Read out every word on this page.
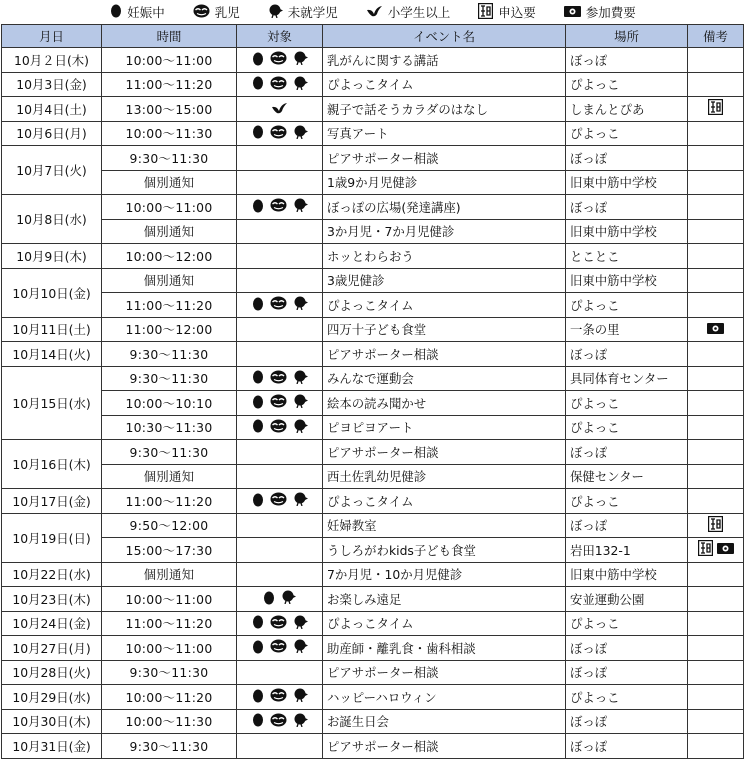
妊娠中	乳児	未就学児	小学生以上	申込要	参加費要
月日	時間	対象	イベント名	場所	備考
10月２日(木)	10:00～11:00		乳がんに関する講話	ぼっぽ	
10月3日(金)	11:00～11:20		ぴよっこタイム	ぴよっこ	
10月4日(土)	13:00～15:00		親子で話そうカラダのはなし	しまんとぴあ	
10月6日(月)	10:00～11:30		写真アート	ぴよっこ	
10月7日(火)	9:30～11:30		ピアサポーター相談	ぼっぽ	
	個別通知		1歳9か月児健診	旧東中筋中学校	
10月8日(水)	10:00～11:00		ぼっぽの広場(発達講座)	ぼっぽ	
	個別通知		3か月児・7か月児健診	旧東中筋中学校	
10月9日(木)	10:00～12:00		ホッとわらおう	とことこ	
10月10日(金)	個別通知		3歳児健診	旧東中筋中学校	
	11:00～11:20		ぴよっこタイム	ぴよっこ	
10月11日(土)	11:00～12:00		四万十子ども食堂	一条の里	
10月14日(火)	9:30～11:30		ピアサポーター相談	ぼっぽ	
10月15日(水)	9:30～11:30		みんなで運動会	具同体育センター	
	10:00～10:10		絵本の読み聞かせ	ぴよっこ	
	10:30～11:30		ピヨピヨアート	ぴよっこ	
10月16日(木)	9:30～11:30		ピアサポーター相談	ぼっぽ	
	個別通知		西土佐乳幼児健診	保健センター	
10月17日(金)	11:00～11:20		ぴよっこタイム	ぴよっこ	
10月19日(日)	9:50～12:00		妊婦教室	ぼっぽ	
	15:00～17:30		うしろがわkids子ども食堂	岩田132-1	
10月22日(水)	個別通知		7か月児・10か月児健診	旧東中筋中学校	
10月23日(木)	10:00～11:00		お楽しみ遠足	安並運動公園	
10月24日(金)	11:00～11:20		ぴよっこタイム	ぴよっこ	
10月27日(月)	10:00～11:00		助産師・離乳食・歯科相談	ぼっぽ	
10月28日(火)	9:30～11:30		ピアサポーター相談	ぼっぽ	
10月29日(水)	10:00～11:20		ハッピーハロウィン	ぴよっこ	
10月30日(木)	10:00～11:30		お誕生日会	ぼっぽ	
10月31日(金)	9:30～11:30		ピアサポーター相談	ぼっぽ	
